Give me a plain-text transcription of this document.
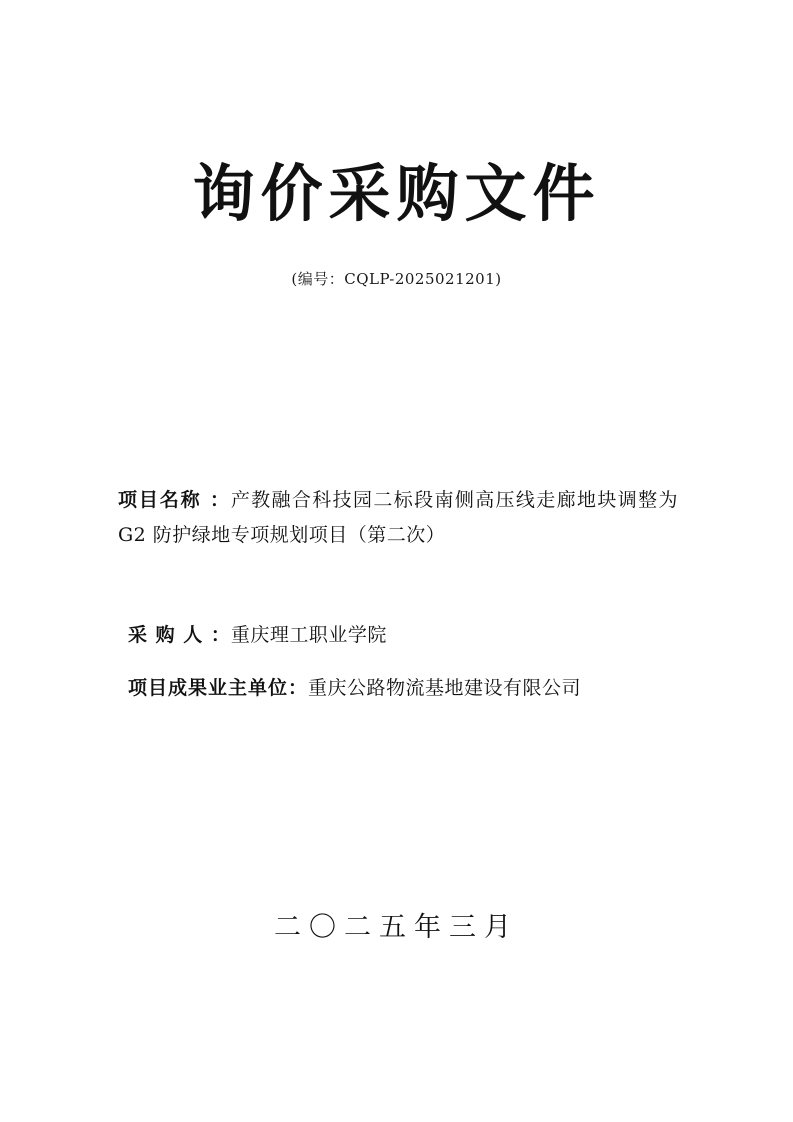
询价采购文件
(编号：CQLP-2025021201)
项目名称 ：产教融合科技园二标段南侧高压线走廊地块调整为 G2 防护绿地专项规划项目（第二次）
采 购 人 ：重庆理工职业学院
项目成果业主单位：重庆公路物流基地建设有限公司
二〇二五年三月
